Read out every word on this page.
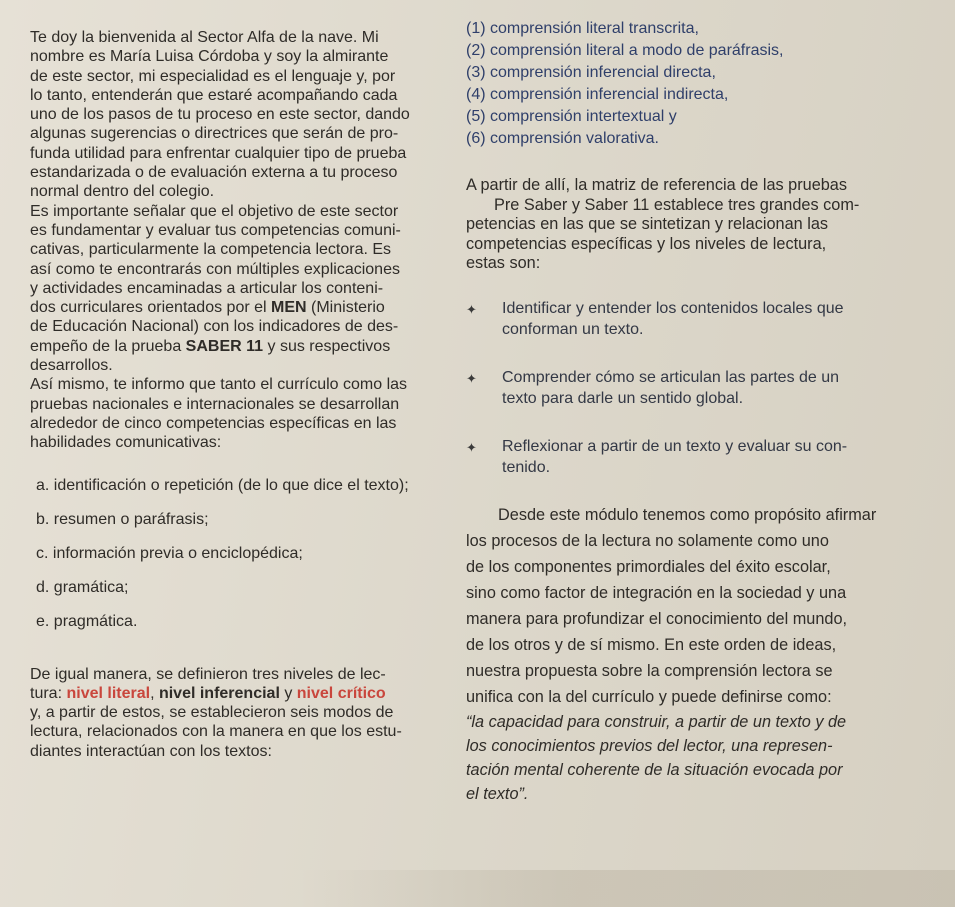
Te doy la bienvenida al Sector Alfa de la nave. Mi
nombre es María Luisa Córdoba y soy la almirante
de este sector, mi especialidad es el lenguaje y, por
lo tanto, entenderán que estaré acompañando cada
uno de los pasos de tu proceso en este sector, dando
algunas sugerencias o directrices que serán de pro-
funda utilidad para enfrentar cualquier tipo de prueba
estandarizada o de evaluación externa a tu proceso
normal dentro del colegio.

Es importante señalar que el objetivo de este sector
es fundamentar y evaluar tus competencias comuni-
cativas, particularmente la competencia lectora. Es
así como te encontrarás con múltiples explicaciones
y actividades encaminadas a articular los conteni-
dos curriculares orientados por el MEN (Ministerio
de Educación Nacional) con los indicadores de des-
empeño de la prueba SABER 11 y sus respectivos
desarrollos.

Así mismo, te informo que tanto el currículo como las
pruebas nacionales e internacionales se desarrollan
alrededor de cinco competencias específicas en las
habilidades comunicativas:

a. identificación o repetición (de lo que dice el texto);
b. resumen o paráfrasis;
c. información previa o enciclopédica;
d. gramática;
e. pragmática.

De igual manera, se definieron tres niveles de lec-
tura: nivel literal, nivel inferencial y nivel crítico
y, a partir de estos, se establecieron seis modos de
lectura, relacionados con la manera en que los estu-
diantes interactúan con los textos:

(1) comprensión literal transcrita,
(2) comprensión literal a modo de paráfrasis,
(3) comprensión inferencial directa,
(4) comprensión inferencial indirecta,
(5) comprensión intertextual y
(6) comprensión valorativa.

A partir de allí, la matriz de referencia de las pruebas
Pre Saber y Saber 11 establece tres grandes com-
petencias en las que se sintetizan y relacionan las
competencias específicas y los niveles de lectura,
estas son:

✦ Identificar y entender los contenidos locales que
conforman un texto.
✦ Comprender cómo se articulan las partes de un
texto para darle un sentido global.
✦ Reflexionar a partir de un texto y evaluar su con-
tenido.

Desde este módulo tenemos como propósito afirmar
los procesos de la lectura no solamente como uno
de los componentes primordiales del éxito escolar,
sino como factor de integración en la sociedad y una
manera para profundizar el conocimiento del mundo,
de los otros y de sí mismo. En este orden de ideas,
nuestra propuesta sobre la comprensión lectora se
unifica con la del currículo y puede definirse como:

“la capacidad para construir, a partir de un texto y de
los conocimientos previos del lector, una represen-
tación mental coherente de la situación evocada por
el texto”.
